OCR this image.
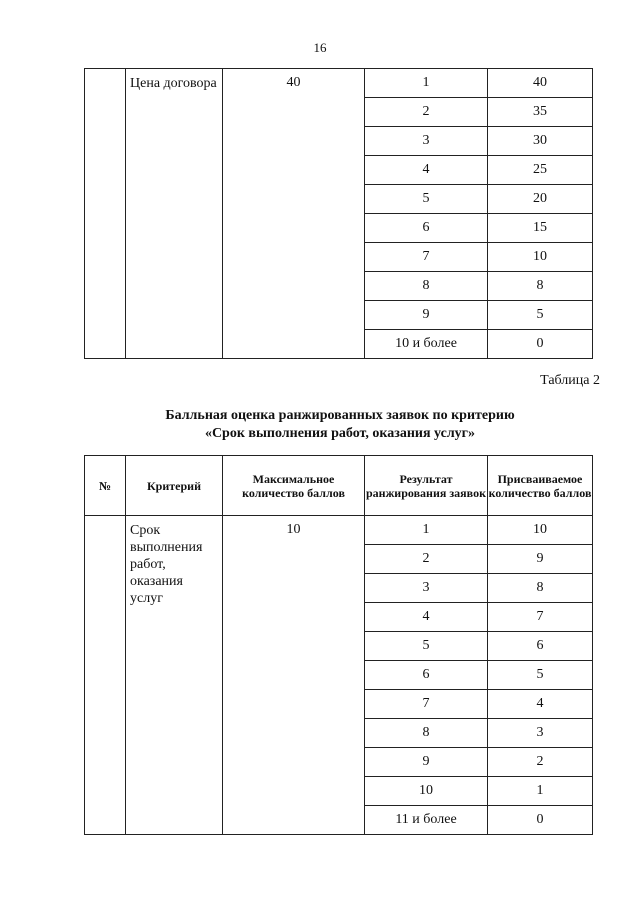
16
	Цена договора	40	1	40
			2	35
			3	30
			4	25
			5	20
			6	15
			7	10
			8	8
			9	5
			10 и более	0
Таблица 2
Балльная оценка ранжированных заявок по критерию
«Срок выполнения работ, оказания услуг»
№	Критерий	Максимальное количество баллов	Результат ранжирования заявок	Присваиваемое количество баллов
	Срок выполнения работ, оказания услуг	10	1	10
			2	9
			3	8
			4	7
			5	6
			6	5
			7	4
			8	3
			9	2
			10	1
			11 и более	0
